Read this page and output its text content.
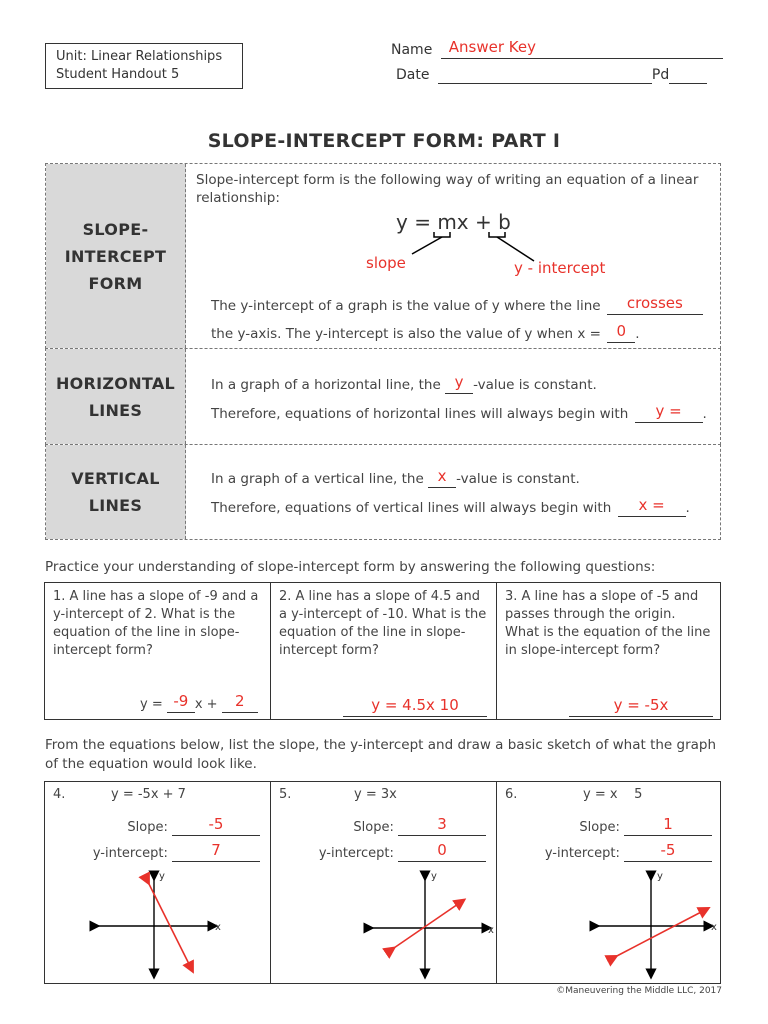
Unit: Linear Relationships
Student Handout 5
Name Answer Key

Date	Pd
SLOPE-INTERCEPT FORM: PART I
SLOPE-
INTERCEPT
FORM
Slope-intercept form is the following way of writing an equation of a linear relationship:
y = mx + b
slope	y - intercept
The y-intercept of a graph is the value of y where the line	crosses

the y-axis. The y-intercept is also the value of y when x =	0 .
HORIZONTAL
LINES
In a graph of a horizontal line, the y -value is constant.
Therefore, equations of horizontal lines will always begin with	y =	.
VERTICAL
LINES
In a graph of a vertical line, the x -value is constant.
Therefore, equations of vertical lines will always begin with	x =	.
Practice your understanding of slope-intercept form by answering the following questions:
1. A line has a slope of -9 and a y-intercept of 2. What is the equation of the line in slope-intercept form?
y = -9 x +	2

2. A line has a slope of 4.5 and a y-intercept of -10. What is the equation of the line in slope-intercept form?
y = 4.5x 10

3. A line has a slope of -5 and passes through the origin. What is the equation of the line in slope-intercept form?
y = -5x

From the equations below, list the slope, the y-intercept and draw a basic sketch of what the graph of the equation would look like.
4.	y = -5x + 7
Slope:	-5

y-intercept:	7

x
y
5.	y = 3x
Slope:	3

y-intercept:	0

x
y
6.	y = x    5
Slope:	1

y-intercept:	-5

x
y
©Maneuvering the Middle LLC, 2017
